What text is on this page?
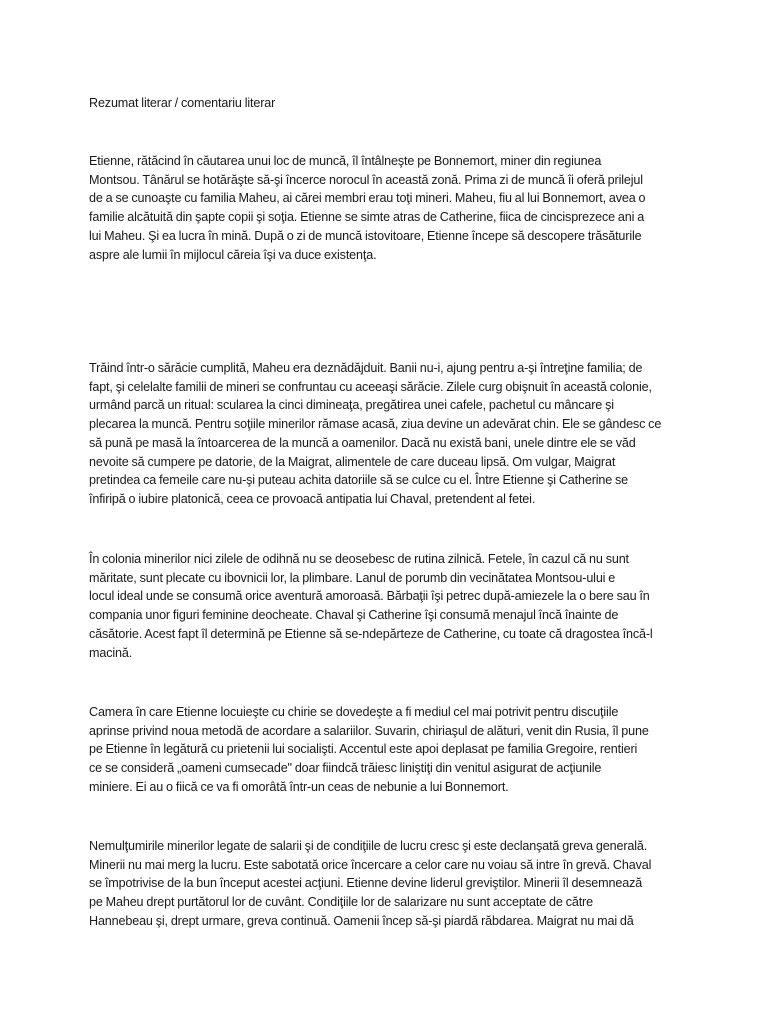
Rezumat literar / comentariu literar

Etienne, rătăcind în căutarea unui loc de muncă, îl întâlneşte pe Bonnemort, miner din regiunea
Montsou. Tânărul se hotărăşte să-şi încerce norocul în această zonă. Prima zi de muncă îi oferă prilejul
de a se cunoaşte cu familia Maheu, ai cărei membri erau toţi mineri. Maheu, fiu al lui Bonnemort, avea o
familie alcătuită din şapte copii şi soţia. Etienne se simte atras de Catherine, fiica de cincisprezece ani a
lui Maheu. Şi ea lucra în mină. După o zi de muncă istovitoare, Etienne începe să descopere trăsăturile
aspre ale lumii în mijlocul căreia îşi va duce existenţa.

Trăind într-o sărăcie cumplită, Maheu era deznădăjduit. Banii nu-i, ajung pentru a-şi întreţine familia; de
fapt, şi celelalte familii de mineri se confruntau cu aceeaşi sărăcie. Zilele curg obişnuit în această colonie,
urmând parcă un ritual: scularea la cinci dimineaţa, pregătirea unei cafele, pachetul cu mâncare şi
plecarea la muncă. Pentru soţiile minerilor rămase acasă, ziua devine un adevărat chin. Ele se gândesc ce
să pună pe masă la întoarcerea de la muncă a oamenilor. Dacă nu există bani, unele dintre ele se văd
nevoite să cumpere pe datorie, de la Maigrat, alimentele de care duceau lipsă. Om vulgar, Maigrat
pretindea ca femeile care nu-şi puteau achita datoriile să se culce cu el. Între Etienne şi Catherine se
înfiripă o iubire platonică, ceea ce provoacă antipatia lui Chaval, pretendent al fetei.

În colonia minerilor nici zilele de odihnă nu se deosebesc de rutina zilnică. Fetele, în cazul că nu sunt
măritate, sunt plecate cu ibovnicii lor, la plimbare. Lanul de porumb din vecinătatea Montsou-ului e
locul ideal unde se consumă orice aventură amoroasă. Bărbaţii îşi petrec după-amiezele la o bere sau în
compania unor figuri feminine deocheate. Chaval şi Catherine îşi consumă menajul încă înainte de
căsătorie. Acest fapt îl determină pe Etienne să se-ndepărteze de Catherine, cu toate că dragostea încă-l
macină.

Camera în care Etienne locuieşte cu chirie se dovedeşte a fi mediul cel mai potrivit pentru discuţiile
aprinse privind noua metodă de acordare a salariilor. Suvarin, chiriaşul de alături, venit din Rusia, îl pune
pe Etienne în legătură cu prietenii lui socialişti. Accentul este apoi deplasat pe familia Gregoire, rentieri
ce se consideră „oameni cumsecade" doar fiindcă trăiesc liniştiţi din venitul asigurat de acţiunile
miniere. Ei au o fiică ce va fi omorâtă într-un ceas de nebunie a lui Bonnemort.

Nemulţumirile minerilor legate de salarii şi de condiţiile de lucru cresc şi este declanşată greva generală.
Minerii nu mai merg la lucru. Este sabotată orice încercare a celor care nu voiau să intre în grevă. Chaval
se împotrivise de la bun început acestei acţiuni. Etienne devine liderul greviştilor. Minerii îl desemnează
pe Maheu drept purtătorul lor de cuvânt. Condiţiile lor de salarizare nu sunt acceptate de către
Hannebeau şi, drept urmare, greva continuă. Oamenii încep să-şi piardă răbdarea. Maigrat nu mai dă
